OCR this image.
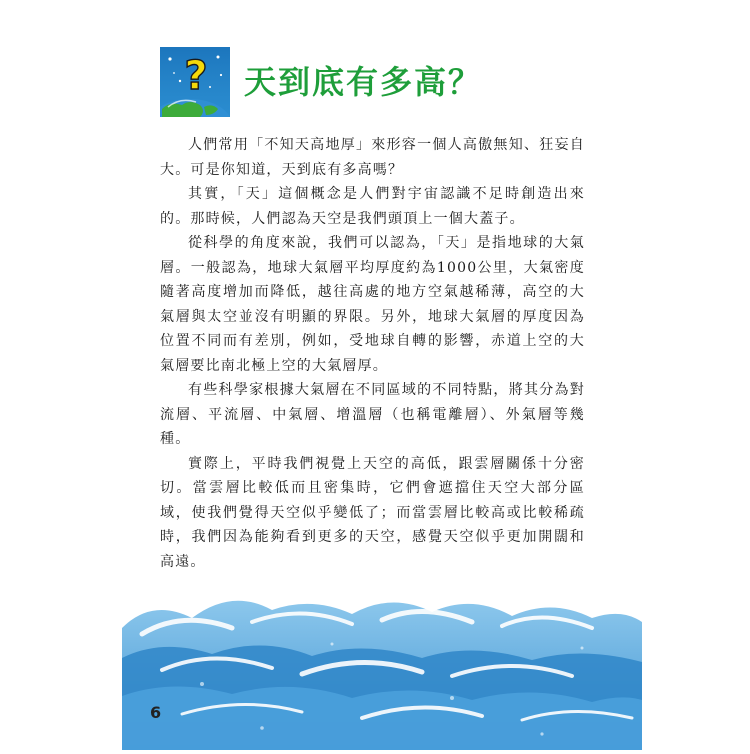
? 天到底有多高？

人們常用「不知天高地厚」來形容一個人高傲無知、狂妄自大。可是你知道，天到底有多高嗎？

其實，「天」這個概念是人們對宇宙認識不足時創造出來的。那時候，人們認為天空是我們頭頂上一個大蓋子。

從科學的角度來說，我們可以認為，「天」是指地球的大氣層。一般認為，地球大氣層平均厚度約為1000公里，大氣密度隨著高度增加而降低，越往高處的地方空氣越稀薄，高空的大氣層與太空並沒有明顯的界限。另外，地球大氣層的厚度因為位置不同而有差別，例如，受地球自轉的影響，赤道上空的大氣層要比南北極上空的大氣層厚。

有些科學家根據大氣層在不同區域的不同特點，將其分為對流層、平流層、中氣層、增溫層（也稱電離層）、外氣層等幾種。

實際上，平時我們視覺上天空的高低，跟雲層關係十分密切。當雲層比較低而且密集時，它們會遮擋住天空大部分區域，使我們覺得天空似乎變低了；而當雲層比較高或比較稀疏時，我們因為能夠看到更多的天空，感覺天空似乎更加開闊和高遠。

6
